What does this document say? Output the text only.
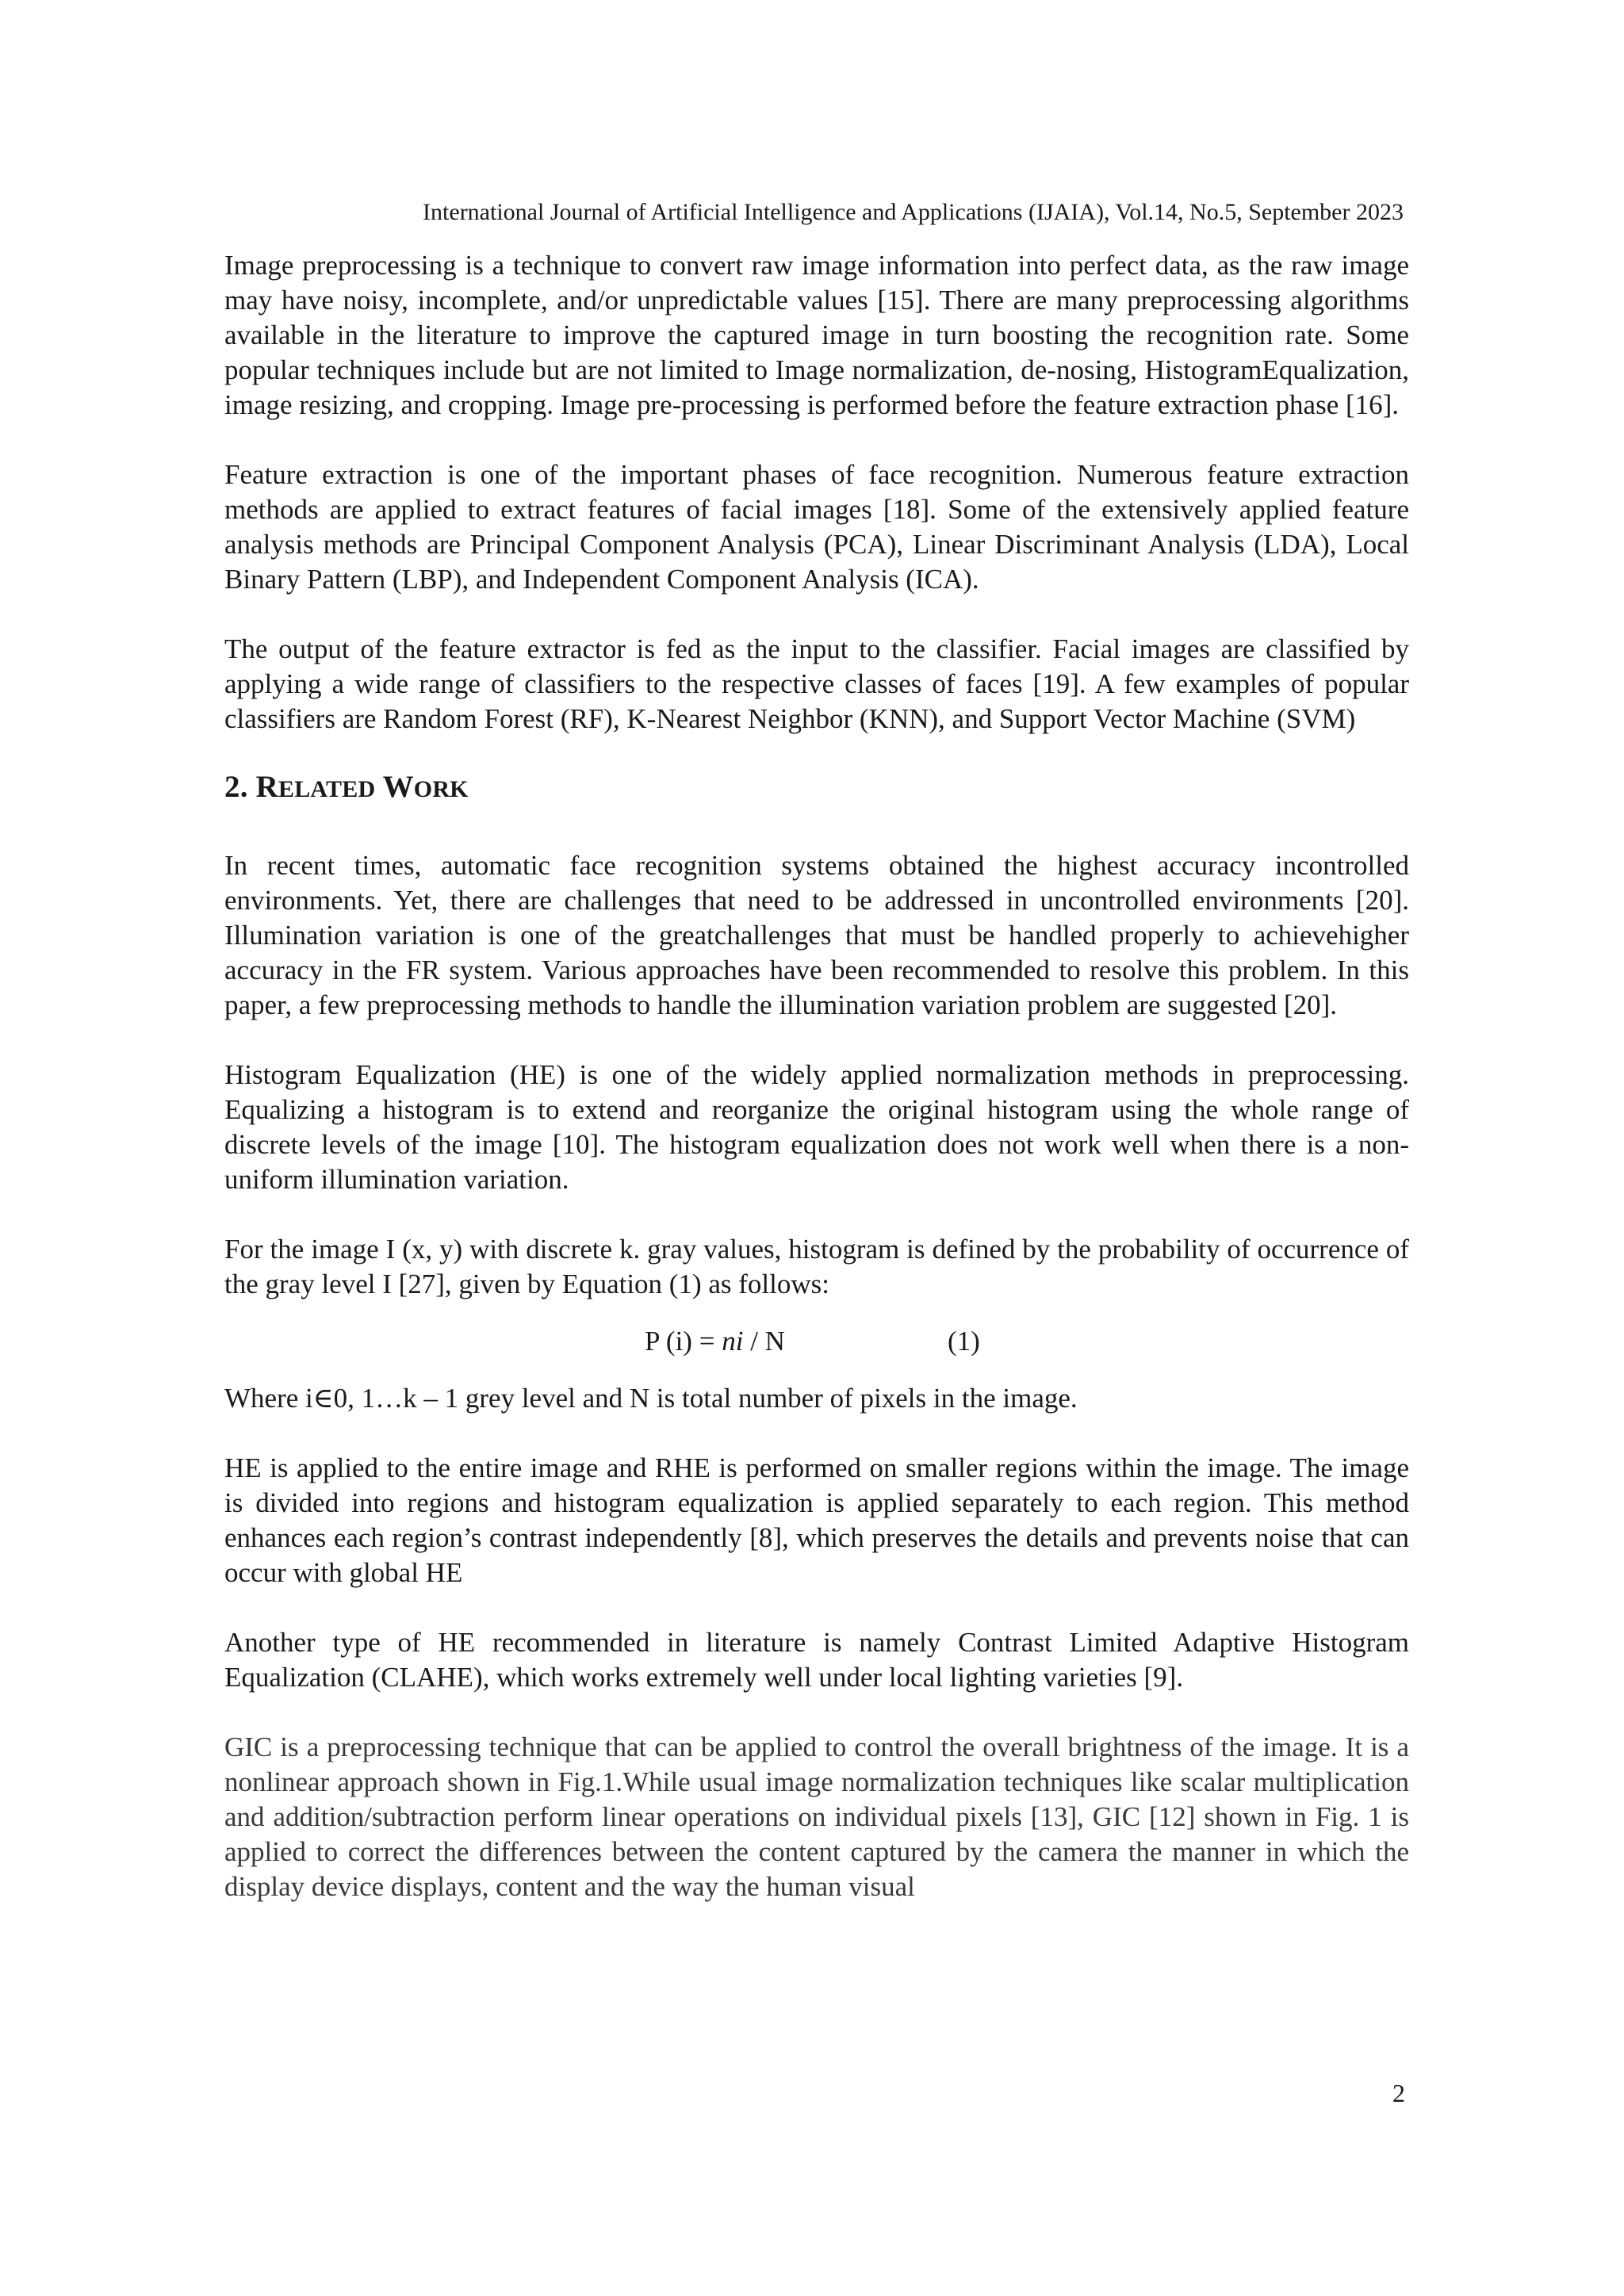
International Journal of Artificial Intelligence and Applications (IJAIA), Vol.14, No.5, September 2023

Image preprocessing is a technique to convert raw image information into perfect data, as the raw image may have noisy, incomplete, and/or unpredictable values [15]. There are many preprocessing algorithms available in the literature to improve the captured image in turn boosting the recognition rate. Some popular techniques include but are not limited to Image normalization, de-nosing, HistogramEqualization, image resizing, and cropping. Image pre-processing is performed before the feature extraction phase [16].

Feature extraction is one of the important phases of face recognition. Numerous feature extraction methods are applied to extract features of facial images [18]. Some of the extensively applied feature analysis methods are Principal Component Analysis (PCA), Linear Discriminant Analysis (LDA), Local Binary Pattern (LBP), and Independent Component Analysis (ICA).

The output of the feature extractor is fed as the input to the classifier. Facial images are classified by applying a wide range of classifiers to the respective classes of faces [19]. A few examples of popular classifiers are Random Forest (RF), K-Nearest Neighbor (KNN), and Support Vector Machine (SVM)

2. RELATED WORK

In recent times, automatic face recognition systems obtained the highest accuracy incontrolled environments. Yet, there are challenges that need to be addressed in uncontrolled environments [20]. Illumination variation is one of the greatchallenges that must be handled properly to achievehigher accuracy in the FR system. Various approaches have been recommended to resolve this problem. In this paper, a few preprocessing methods to handle the illumination variation problem are suggested [20].

Histogram Equalization (HE) is one of the widely applied normalization methods in preprocessing. Equalizing a histogram is to extend and reorganize the original histogram using the whole range of discrete levels of the image [10]. The histogram equalization does not work well when there is a non-uniform illumination variation.

For the image I (x, y) with discrete k. gray values, histogram is defined by the probability of occurrence of the gray level I [27], given by Equation (1) as follows:

P (i) = ni / N	(1)

Where i∈0, 1…k – 1 grey level and N is total number of pixels in the image.

HE is applied to the entire image and RHE is performed on smaller regions within the image. The image is divided into regions and histogram equalization is applied separately to each region. This method enhances each region’s contrast independently [8], which preserves the details and prevents noise that can occur with global HE

Another type of HE recommended in literature is namely Contrast Limited Adaptive Histogram Equalization (CLAHE), which works extremely well under local lighting varieties [9].

GIC is a preprocessing technique that can be applied to control the overall brightness of the image. It is a nonlinear approach shown in Fig.1.While usual image normalization techniques like scalar multiplication and addition/subtraction perform linear operations on individual pixels [13], GIC [12] shown in Fig. 1 is applied to correct the differences between the content captured by the camera the manner in which the display device displays, content and the way the human visual

2
